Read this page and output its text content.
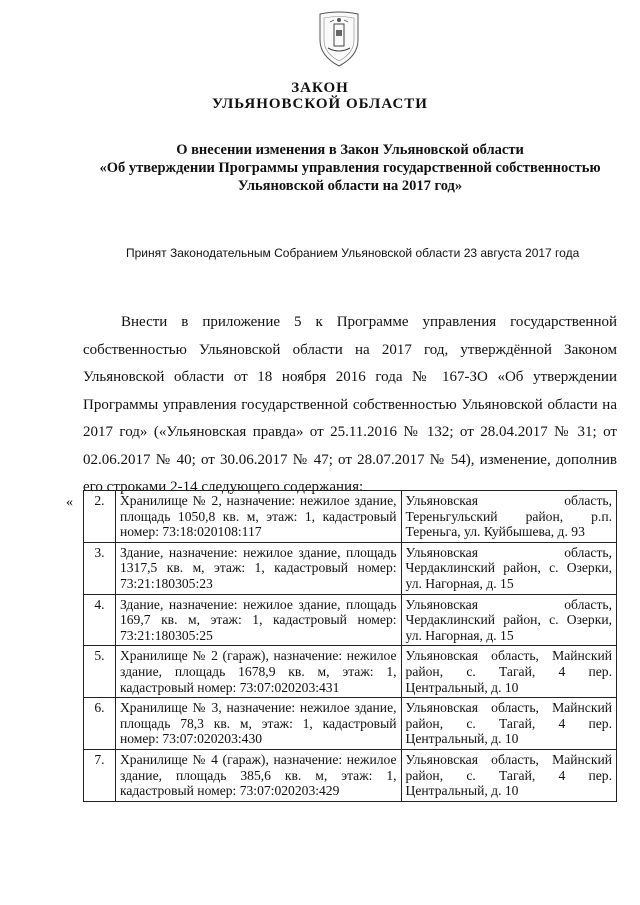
ЗАКОН
УЛЬЯНОВСКОЙ ОБЛАСТИ
О внесении изменения в Закон Ульяновской области
«Об утверждении Программы управления государственной собственностью
Ульяновской области на 2017 год»
Принят Законодательным Собранием Ульяновской области 23 августа 2017 года

Внести в приложение 5 к Программе управления государственной собственностью Ульяновской области на 2017 год, утверждённой Законом Ульяновской области от 18 ноября 2016 года № 167-ЗО «Об утверждении Программы управления государственной собственностью Ульяновской области на 2017 год» («Ульяновская правда» от 25.11.2016 № 132; от 28.04.2017 № 31; от 02.06.2017 № 40; от 30.06.2017 № 47; от 28.07.2017 № 54), изменение, дополнив его строками 2-14 следующего содержания:

« 2.	Хранилище № 2, назначение: нежилое здание, площадь 1050,8 кв. м, этаж: 1, кадастровый номер: 73:18:020108:117	Ульяновская область, Тереньгульский район, р.п. Тереньга, ул. Куйбышева, д. 93
3.	Здание, назначение: нежилое здание, площадь 1317,5 кв. м, этаж: 1, кадастровый номер: 73:21:180305:23	Ульяновская область, Чердаклинский район, с. Озерки, ул. Нагорная, д. 15
4.	Здание, назначение: нежилое здание, площадь 169,7 кв. м, этаж: 1, кадастровый номер: 73:21:180305:25	Ульяновская область, Чердаклинский район, с. Озерки, ул. Нагорная, д. 15
5.	Хранилище № 2 (гараж), назначение: нежилое здание, площадь 1678,9 кв. м, этаж: 1, кадастровый номер: 73:07:020203:431	Ульяновская область, Майнский район, с. Тагай, 4 пер. Центральный, д. 10
6.	Хранилище № 3, назначение: нежилое здание, площадь 78,3 кв. м, этаж: 1, кадастровый номер: 73:07:020203:430	Ульяновская область, Майнский район, с. Тагай, 4 пер. Центральный, д. 10
7.	Хранилище № 4 (гараж), назначение: нежилое здание, площадь 385,6 кв. м, этаж: 1, кадастровый номер: 73:07:020203:429	Ульяновская область, Майнский район, с. Тагай, 4 пер. Центральный, д. 10
